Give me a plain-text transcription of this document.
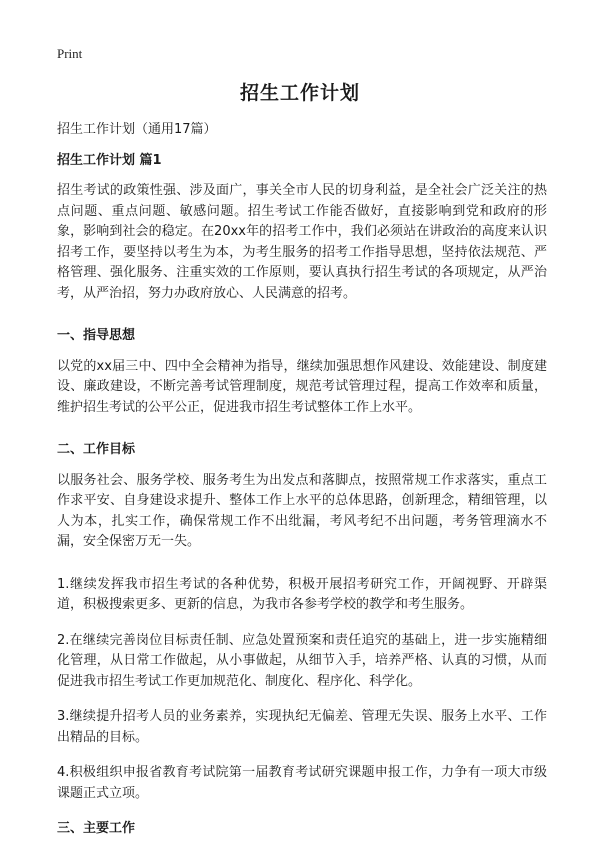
Print
招生工作计划

招生工作计划（通用17篇）

招生工作计划 篇1

招生考试的政策性强、涉及面广，事关全市人民的切身利益，是全社会广泛关注的热点问题、重点问题、敏感问题。招生考试工作能否做好，直接影响到党和政府的形象，影响到社会的稳定。在20xx年的招考工作中，我们必须站在讲政治的高度来认识招考工作，要坚持以考生为本，为考生服务的招考工作指导思想，坚持依法规范、严格管理、强化服务、注重实效的工作原则，要认真执行招生考试的各项规定，从严治考，从严治招，努力办政府放心、人民满意的招考。

一、指导思想

以党的xx届三中、四中全会精神为指导，继续加强思想作风建设、效能建设、制度建设、廉政建设，不断完善考试管理制度，规范考试管理过程，提高工作效率和质量，维护招生考试的公平公正，促进我市招生考试整体工作上水平。

二、工作目标

以服务社会、服务学校、服务考生为出发点和落脚点，按照常规工作求落实，重点工作求平安、自身建设求提升、整体工作上水平的总体思路，创新理念，精细管理，以人为本，扎实工作，确保常规工作不出纰漏，考风考纪不出问题，考务管理滴水不漏，安全保密万无一失。

1.继续发挥我市招生考试的各种优势，积极开展招考研究工作，开阔视野、开辟渠道，积极搜索更多、更新的信息，为我市各参考学校的教学和考生服务。

2.在继续完善岗位目标责任制、应急处置预案和责任追究的基础上，进一步实施精细化管理，从日常工作做起，从小事做起，从细节入手，培养严格、认真的习惯，从而促进我市招生考试工作更加规范化、制度化、程序化、科学化。

3.继续提升招考人员的业务素养，实现执纪无偏差、管理无失误、服务上水平、工作出精品的目标。

4.积极组织申报省教育考试院第一届教育考试研究课题申报工作，力争有一项大市级课题正式立项。

三、主要工作
